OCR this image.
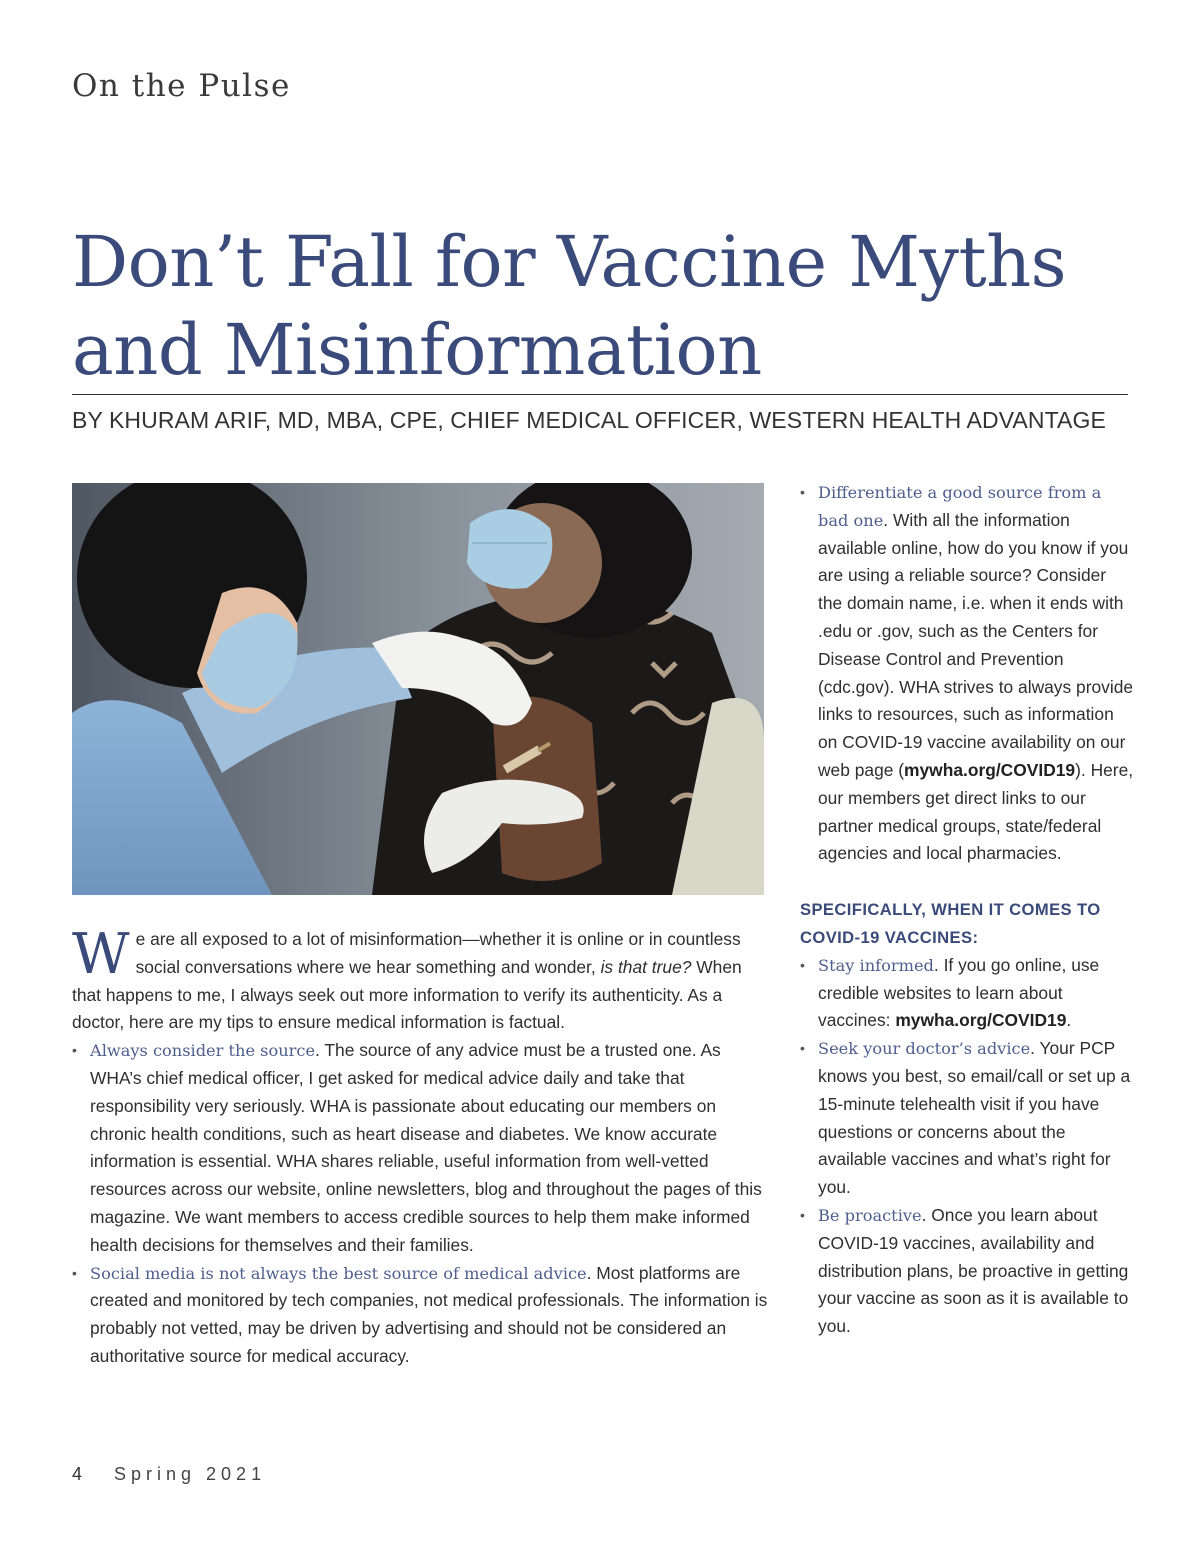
On the Pulse
Don’t Fall for Vaccine Myths
and Misinformation

BY KHURAM ARIF, MD, MBA, CPE, CHIEF MEDICAL OFFICER, WESTERN HEALTH ADVANTAGE

W e are all exposed to a lot of misinformation—whether it is online or in countless social conversations where we hear something and wonder, is that true? When that happens to me, I always seek out more information to verify its authenticity. As a doctor, here are my tips to ensure medical information is factual.

• Always consider the source. The source of any advice must be a trusted one. As WHA’s chief medical officer, I get asked for medical advice daily and take that responsibility very seriously. WHA is passionate about educating our members on chronic health conditions, such as heart disease and diabetes. We know accurate information is essential. WHA shares reliable, useful information from well-vetted resources across our website, online newsletters, blog and throughout the pages of this magazine. We want members to access credible sources to help them make informed health decisions for themselves and their families.
• Social media is not always the best source of medical advice. Most platforms are created and monitored by tech companies, not medical professionals. The information is probably not vetted, may be driven by advertising and should not be considered an authoritative source for medical accuracy.
• Differentiate a good source from a bad one. With all the information available online, how do you know if you are using a reliable source? Consider the domain name, i.e. when it ends with .edu or .gov, such as the Centers for Disease Control and Prevention (cdc.gov). WHA strives to always provide links to resources, such as information on COVID-19 vaccine availability on our web page (mywha.org/COVID19). Here, our members get direct links to our partner medical groups, state/federal agencies and local pharmacies.

SPECIFICALLY, WHEN IT COMES TO COVID-19 VACCINES:

• Stay informed. If you go online, use credible websites to learn about vaccines: mywha.org/COVID19.
• Seek your doctor’s advice. Your PCP knows you best, so email/call or set up a 15-minute telehealth visit if you have questions or concerns about the available vaccines and what’s right for you.
• Be proactive. Once you learn about COVID-19 vaccines, availability and distribution plans, be proactive in getting your vaccine as soon as it is available to you.
4 Spring 2021
